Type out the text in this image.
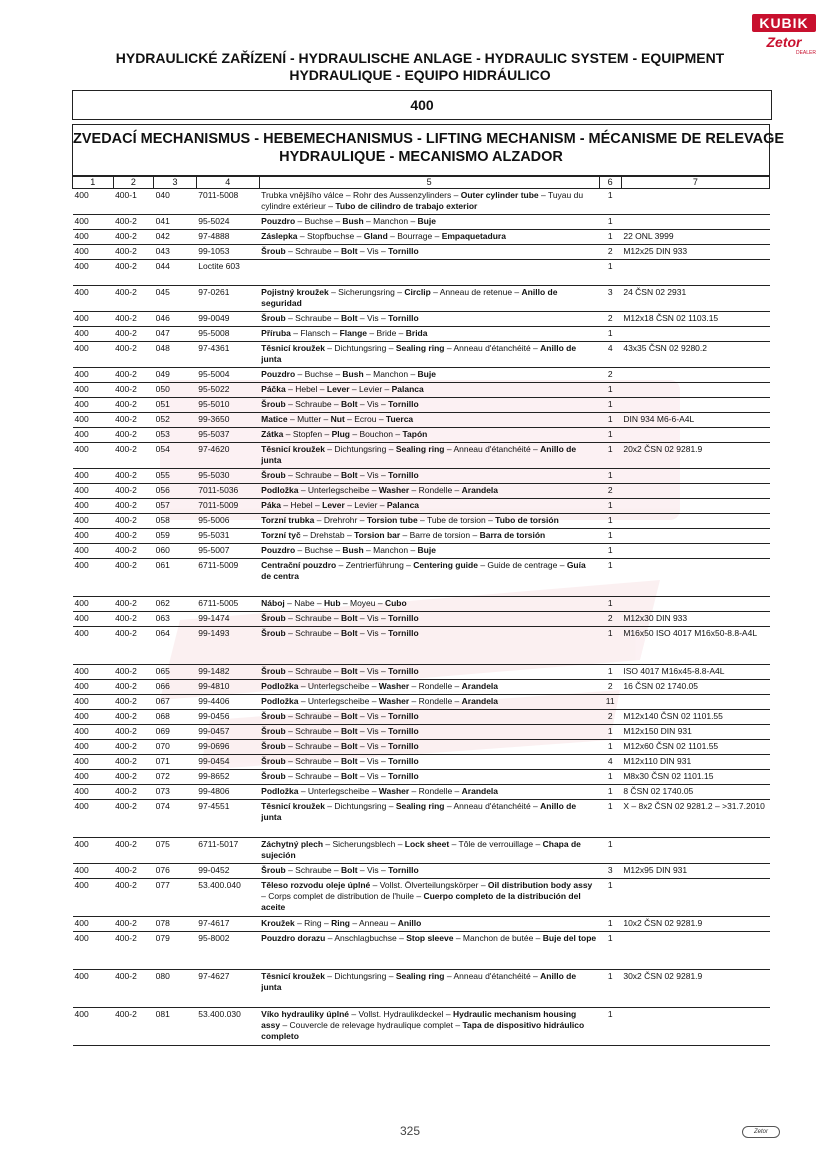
KUBIK
Zetor
DEALER
HYDRAULICKÉ ZAŘÍZENÍ - HYDRAULISCHE ANLAGE - HYDRAULIC SYSTEM - EQUIPMENT
HYDRAULIQUE - EQUIPO HIDRÁULICO
400
ZVEDACÍ MECHANISMUS - HEBEMECHANISMUS - LIFTING MECHANISM - MÉCANISME DE RELEVAGE
HYDRAULIQUE - MECANISMO ALZADOR
1	2	3	4	5	6	7
400	400-1	040	7011-5008	Trubka vnějšího válce – Rohr des Aussenzylinders – Outer cylinder tube – Tuyau du cylindre extérieur – Tubo de cilindro de trabajo exterior	1	
400	400-2	041	95-5024	Pouzdro – Buchse – Bush – Manchon – Buje	1	
400	400-2	042	97-4888	Záslepka – Stopfbuchse – Gland – Bourrage – Empaquetadura	1	22 ONL 3999
400	400-2	043	99-1053	Šroub – Schraube – Bolt – Vis – Tornillo	2	M12x25 DIN 933
400	400-2	044	Loctite 603		1	
400	400-2	045	97-0261	Pojistný kroužek – Sicherungsring – Circlip – Anneau de retenue – Anillo de seguridad	3	24 ČSN 02 2931
400	400-2	046	99-0049	Šroub – Schraube – Bolt – Vis – Tornillo	2	M12x18 ČSN 02 1103.15
400	400-2	047	95-5008	Příruba – Flansch – Flange – Bride – Brida	1	
400	400-2	048	97-4361	Těsnicí kroužek – Dichtungsring – Sealing ring – Anneau d'étanchéité – Anillo de junta	4	43x35 ČSN 02 9280.2
400	400-2	049	95-5004	Pouzdro – Buchse – Bush – Manchon – Buje	2	
400	400-2	050	95-5022	Páčka – Hebel – Lever – Levier – Palanca	1	
400	400-2	051	95-5010	Šroub – Schraube – Bolt – Vis – Tornillo	1	
400	400-2	052	99-3650	Matice – Mutter – Nut – Ecrou – Tuerca	1	DIN 934 M6-6-A4L
400	400-2	053	95-5037	Zátka – Stopfen – Plug – Bouchon – Tapón	1	
400	400-2	054	97-4620	Těsnicí kroužek – Dichtungsring – Sealing ring – Anneau d'étanchéité – Anillo de junta	1	20x2 ČSN 02 9281.9
400	400-2	055	95-5030	Šroub – Schraube – Bolt – Vis – Tornillo	1	
400	400-2	056	7011-5036	Podložka – Unterlegscheibe – Washer – Rondelle – Arandela	2	
400	400-2	057	7011-5009	Páka – Hebel – Lever – Levier – Palanca	1	
400	400-2	058	95-5006	Torzní trubka – Drehrohr – Torsion tube – Tube de torsion – Tubo de torsión	1	
400	400-2	059	95-5031	Torzní tyč – Drehstab – Torsion bar – Barre de torsion – Barra de torsión	1	
400	400-2	060	95-5007	Pouzdro – Buchse – Bush – Manchon – Buje	1	
400	400-2	061	6711-5009	Centrační pouzdro – Zentrierführung – Centering guide – Guide de centrage – Guía de centra	1	
400	400-2	062	6711-5005	Náboj – Nabe – Hub – Moyeu – Cubo	1	
400	400-2	063	99-1474	Šroub – Schraube – Bolt – Vis – Tornillo	2	M12x30 DIN 933
400	400-2	064	99-1493	Šroub – Schraube – Bolt – Vis – Tornillo	1	M16x50 ISO 4017 M16x50-8.8-A4L
400	400-2	065	99-1482	Šroub – Schraube – Bolt – Vis – Tornillo	1	ISO 4017 M16x45-8.8-A4L
400	400-2	066	99-4810	Podložka – Unterlegscheibe – Washer – Rondelle – Arandela	2	16 ČSN 02 1740.05
400	400-2	067	99-4406	Podložka – Unterlegscheibe – Washer – Rondelle – Arandela	11	
400	400-2	068	99-0456	Šroub – Schraube – Bolt – Vis – Tornillo	2	M12x140 ČSN 02 1101.55
400	400-2	069	99-0457	Šroub – Schraube – Bolt – Vis – Tornillo	1	M12x150 DIN 931
400	400-2	070	99-0696	Šroub – Schraube – Bolt – Vis – Tornillo	1	M12x60 ČSN 02 1101.55
400	400-2	071	99-0454	Šroub – Schraube – Bolt – Vis – Tornillo	4	M12x110 DIN 931
400	400-2	072	99-8652	Šroub – Schraube – Bolt – Vis – Tornillo	1	M8x30 ČSN 02 1101.15
400	400-2	073	99-4806	Podložka – Unterlegscheibe – Washer – Rondelle – Arandela	1	8 ČSN 02 1740.05
400	400-2	074	97-4551	Těsnicí kroužek – Dichtungsring – Sealing ring – Anneau d'étanchéité – Anillo de junta	1	X – 8x2 ČSN 02 9281.2 – >31.7.2010
400	400-2	075	6711-5017	Záchytný plech – Sicherungsblech – Lock sheet – Tôle de verrouillage – Chapa de sujeción	1	
400	400-2	076	99-0452	Šroub – Schraube – Bolt – Vis – Tornillo	3	M12x95 DIN 931
400	400-2	077	53.400.040	Těleso rozvodu oleje úplné – Vollst. Ölverteilungskörper – Oil distribution body assy – Corps complet de distribution de l'huile – Cuerpo completo de la distribución del aceite	1	
400	400-2	078	97-4617	Kroužek – Ring – Ring – Anneau – Anillo	1	10x2 ČSN 02 9281.9
400	400-2	079	95-8002	Pouzdro dorazu – Anschlagbuchse – Stop sleeve – Manchon de butée – Buje del tope	1	
400	400-2	080	97-4627	Těsnicí kroužek – Dichtungsring – Sealing ring – Anneau d'étanchéité – Anillo de junta	1	30x2 ČSN 02 9281.9
400	400-2	081	53.400.030	Víko hydrauliky úplné – Vollst. Hydraulikdeckel – Hydraulic mechanism housing assy – Couvercle de relevage hydraulique complet – Tapa de dispositivo hidráulico completo	1	
325	Zetor
